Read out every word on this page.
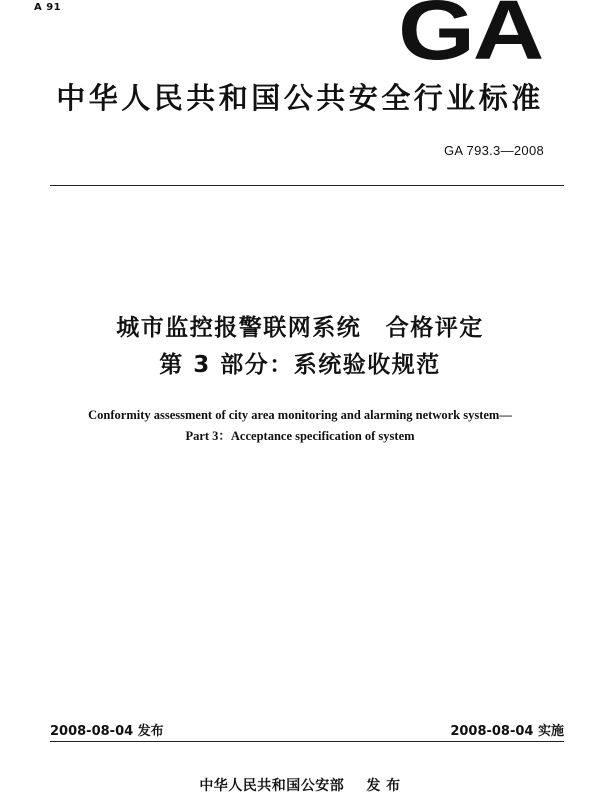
A 91	GA
中华人民共和国公共安全行业标准
GA 793.3—2008
城市监控报警联网系统　合格评定
第 3 部分：系统验收规范
Conformity assessment of city area monitoring and alarming network system—
Part 3：Acceptance specification of system
2008-08-04 发布	2008-08-04 实施
中华人民共和国公安部 发 布
